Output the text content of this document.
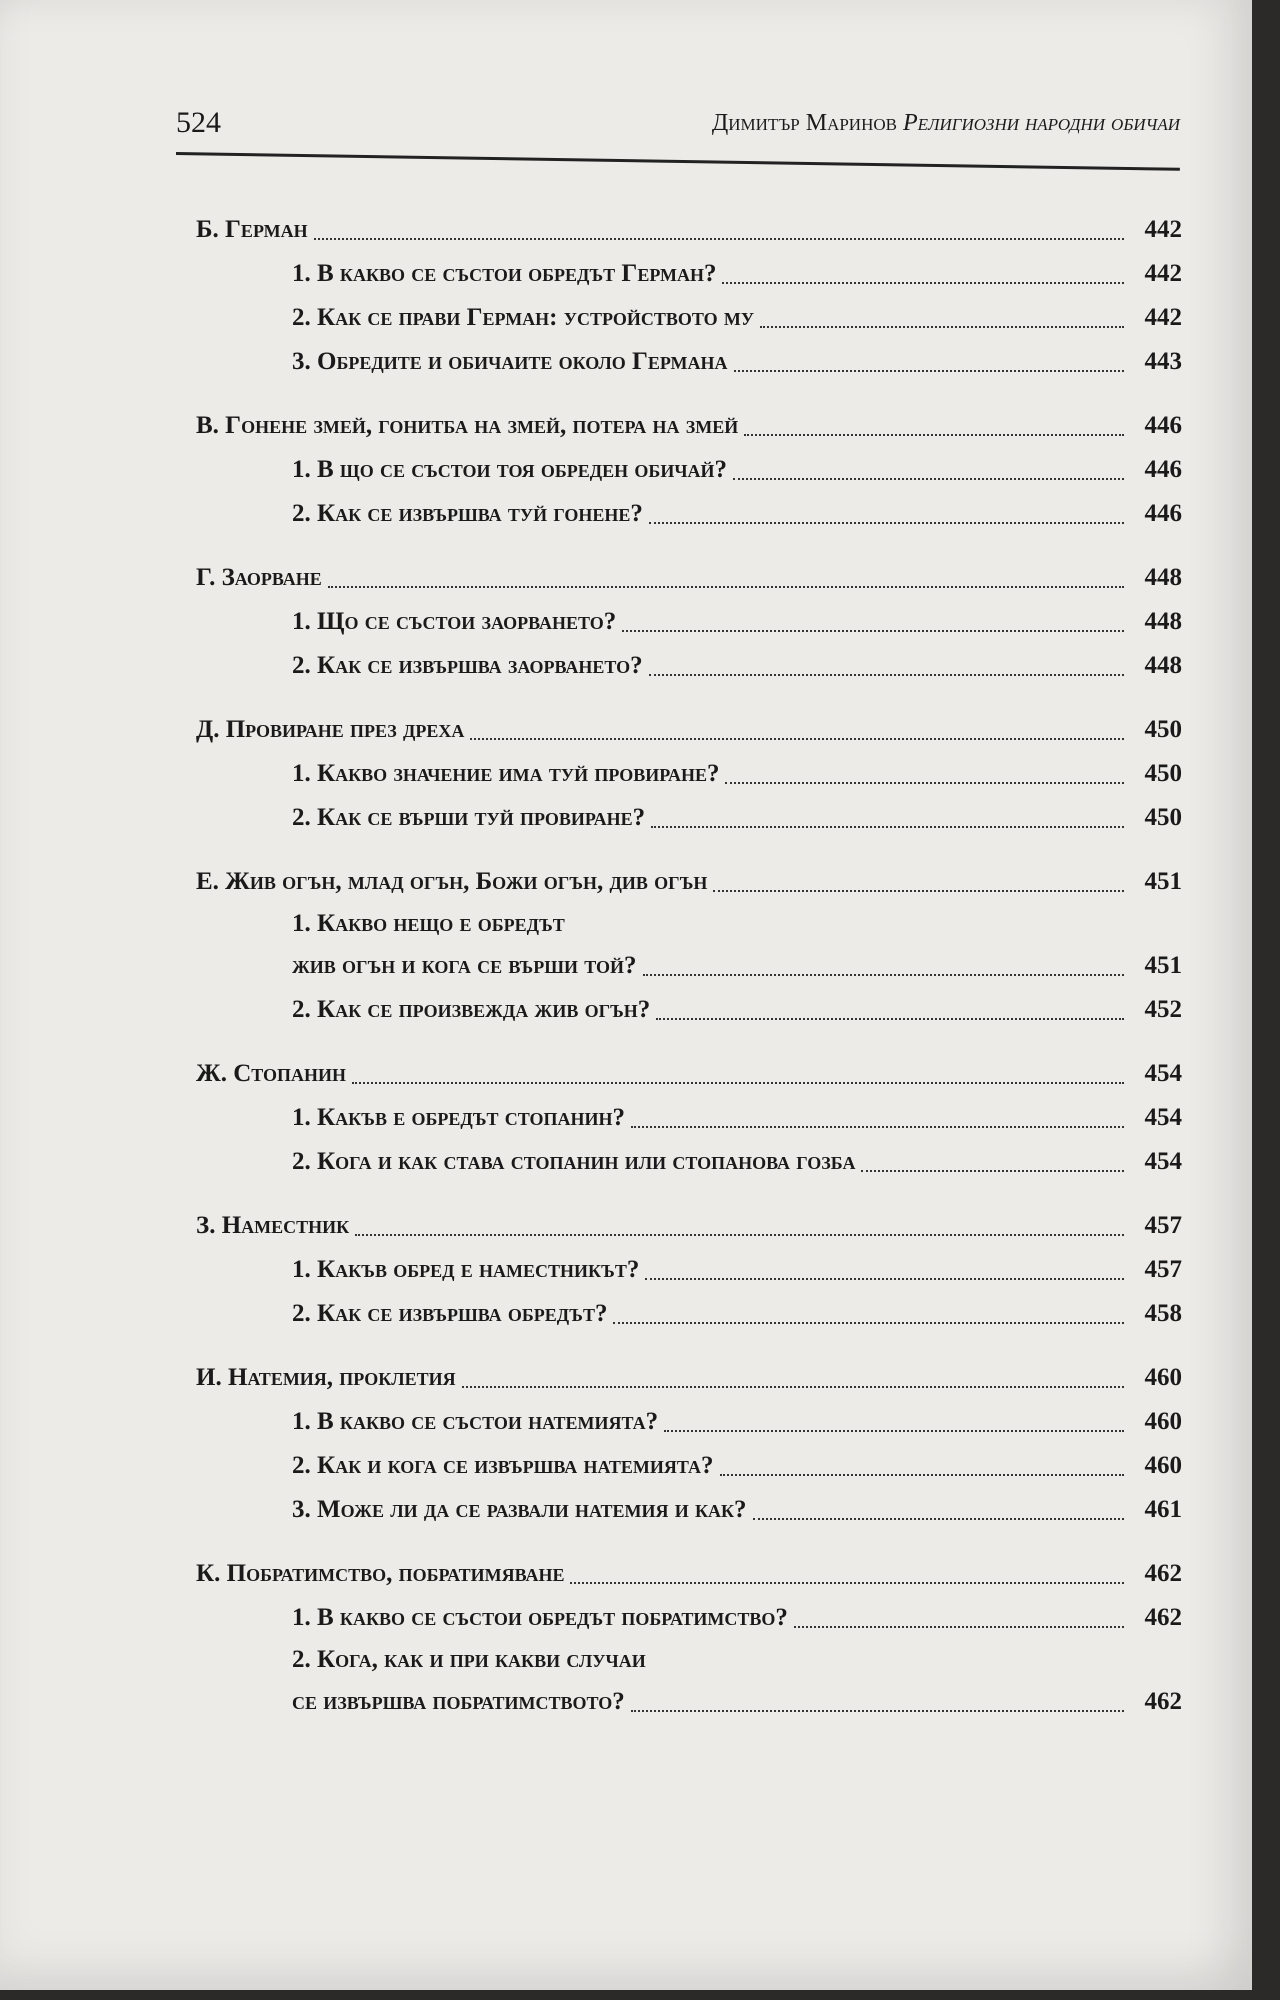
524	Димитър Маринов Религиозни народни обичаи
Б. Герман	442
1. В какво се състои обредът Герман?	442
2. Как се прави Герман: устройството му	442
3. Обредите и обичаите около Германа	443
В. Гонене змей, гонитба на змей, потера на змей	446
1. В що се състои тоя обреден обичай?	446
2. Как се извършва туй гонене?	446
Г. Заорване	448
1. Що се състои заорването?	448
2. Как се извършва заорването?	448
Д. Провиране през дреха	450
1. Какво значение има туй провиране?	450
2. Как се върши туй провиране?	450
Е. Жив огън, млад огън, Божи огън, див огън	451
1. Какво нещо е обредът
жив огън и кога се върши той?	451
2. Как се произвежда жив огън?	452
Ж. Стопанин	454
1. Какъв е обредът стопанин?	454
2. Кога и как става стопанин или стопанова гозба	454
З. Наместник	457
1. Какъв обред е наместникът?	457
2. Как се извършва обредът?	458
И. Натемия, проклетия	460
1. В какво се състои натемията?	460
2. Как и кога се извършва натемията?	460
3. Може ли да се развали натемия и как?	461
К. Побратимство, побратимяване	462
1. В какво се състои обредът побратимство?	462
2. Кога, как и при какви случаи
се извършва побратимството?	462
